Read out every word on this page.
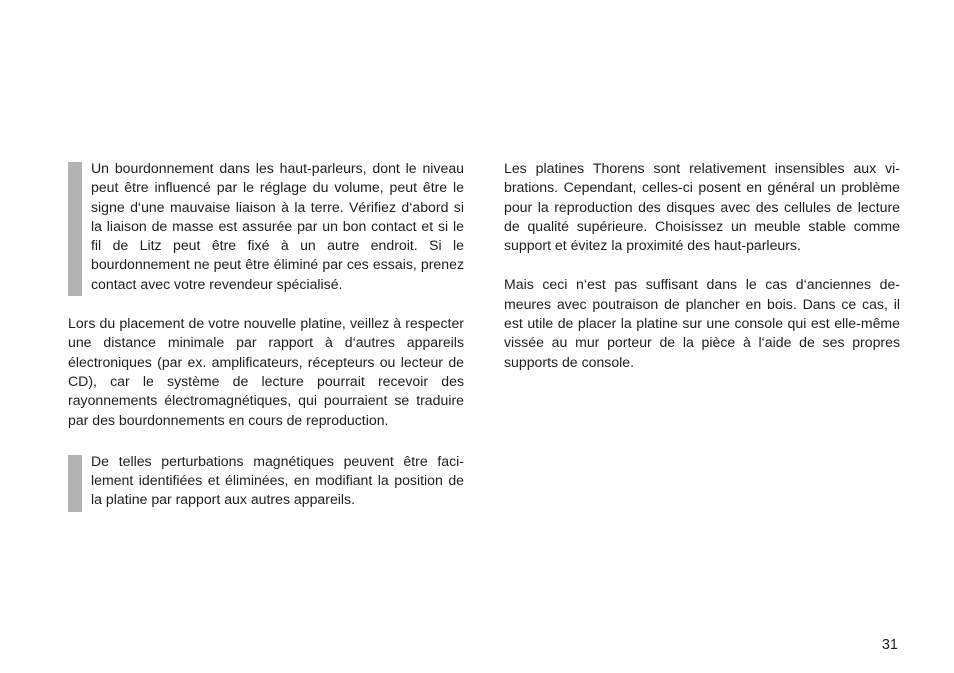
Un bourdonnement dans les haut-parleurs, dont le niveau peut être influencé par le réglage du volume, peut être le signe d‘une mauvaise liaison à la terre. Vérifiez d‘abord si la liaison de masse est assurée par un bon contact et si le fil de Litz peut être fixé à un autre endroit. Si le bourdonnement ne peut être éliminé par ces essais, prenez contact avec votre revendeur spécialisé.
Lors du placement de votre nouvelle platine, veillez à respecter une distance minimale par rapport à d‘autres appareils électroniques (par ex. amplificateurs, récepteurs ou lecteur de CD), car le système de lecture pourrait recevoir des rayonnements électromagnétiques, qui pourraient se traduire par des bourdonnements en cours de reproduction.
De telles perturbations magnétiques peuvent être facilement identifiées et éliminées, en modifiant la position de la platine par rapport aux autres appareils.
Les platines Thorens sont relativement insensibles aux vibrations. Cependant, celles-ci posent en général un problème pour la reproduction des disques avec des cellules de lecture de qualité supérieure. Choisissez un meuble stable comme support et évitez la proximité des haut-parleurs.
Mais ceci n‘est pas suffisant dans le cas d‘anciennes demeures avec poutraison de plancher en bois. Dans ce cas, il est utile de placer la platine sur une console qui est elle-même vissée au mur porteur de la pièce à l‘aide de ses propres supports de console.
31
